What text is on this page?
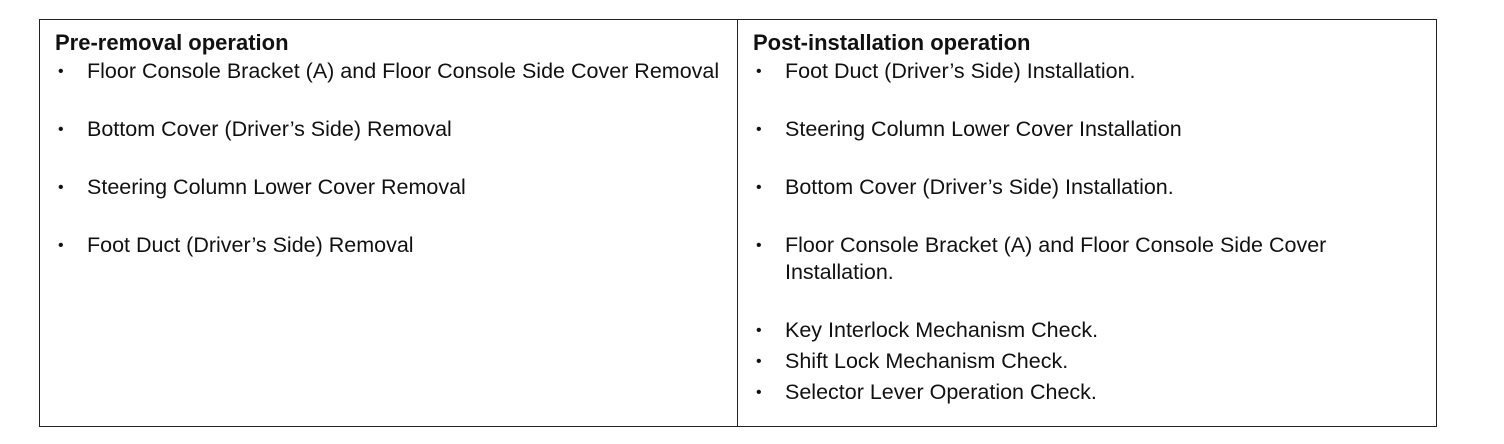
Pre-removal operation
• Floor Console Bracket (A) and Floor Console Side Cover Removal
• Bottom Cover (Driver’s Side) Removal
• Steering Column Lower Cover Removal
• Foot Duct (Driver’s Side) Removal

Post-installation operation
• Foot Duct (Driver’s Side) Installation.
• Steering Column Lower Cover Installation
• Bottom Cover (Driver’s Side) Installation.
• Floor Console Bracket (A) and Floor Console Side Cover Installation.
• Key Interlock Mechanism Check.
• Shift Lock Mechanism Check.
• Selector Lever Operation Check.
